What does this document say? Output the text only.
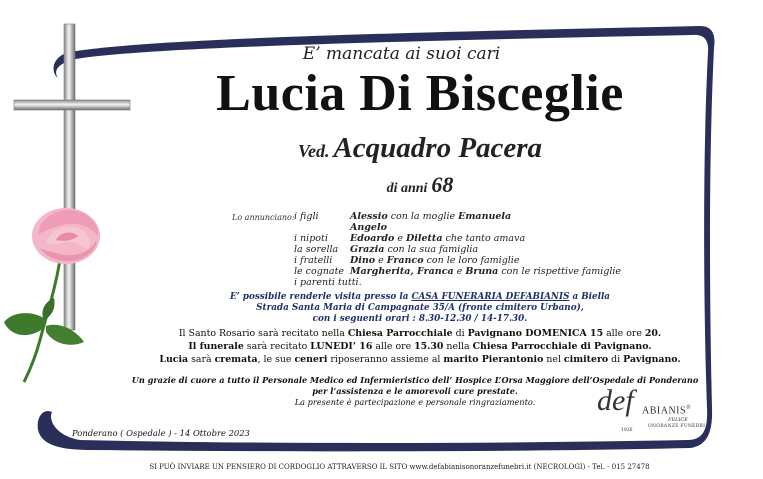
E’ mancata ai suoi cari
Lucia Di Bisceglie
Ved. Acquadro Pacera
di anni 68
Lo annunciano: i figli
i nipoti
la sorella
i fratelli
le cognate
i parenti tutti.
Alessio con la moglie Emanuela
Angelo
Edoardo e Diletta che tanto amava
Grazia con la sua famiglia
Dino e Franco con le loro famiglie
Margherita, Franca e Bruna con le rispettive famiglie
E’ possibile renderle visita presso la CASA FUNERARIA DEFABIANIS a Biella
Strada Santa Maria di Campagnate 35/A (fronte cimitero Urbano),
con i seguenti orari : 8.30-12.30 / 14-17.30.
Il Santo Rosario sarà recitato nella Chiesa Parrocchiale di Pavignano DOMENICA 15 alle ore 20.
Il funerale sarà recitato LUNEDI’ 16 alle ore 15.30 nella Chiesa Parrocchiale di Pavignano.
Lucia sarà cremata, le sue ceneri riposeranno assieme al marito Pierantonio nel cimitero di Pavignano.
Un grazie di cuore a tutto il Personale Medico ed Infermieristico dell’ Hospice L’Orsa Maggiore dell’Ospedale di Ponderano
per l’assistenza e le amorevoli cure prestate.
La presente è partecipazione e personale ringraziamento.
Ponderano ( Ospedale ) - 14 Ottobre 2023
def ABIANIS®
FELICE
ONORANZE FUNEBRI
1926
SI PUÒ INVIARE UN PENSIERO DI CORDOGLIO ATTRAVERSO IL SITO www.defabianisonoranzefunebri.it (NECROLOGI) - Tel. - 015 27478
